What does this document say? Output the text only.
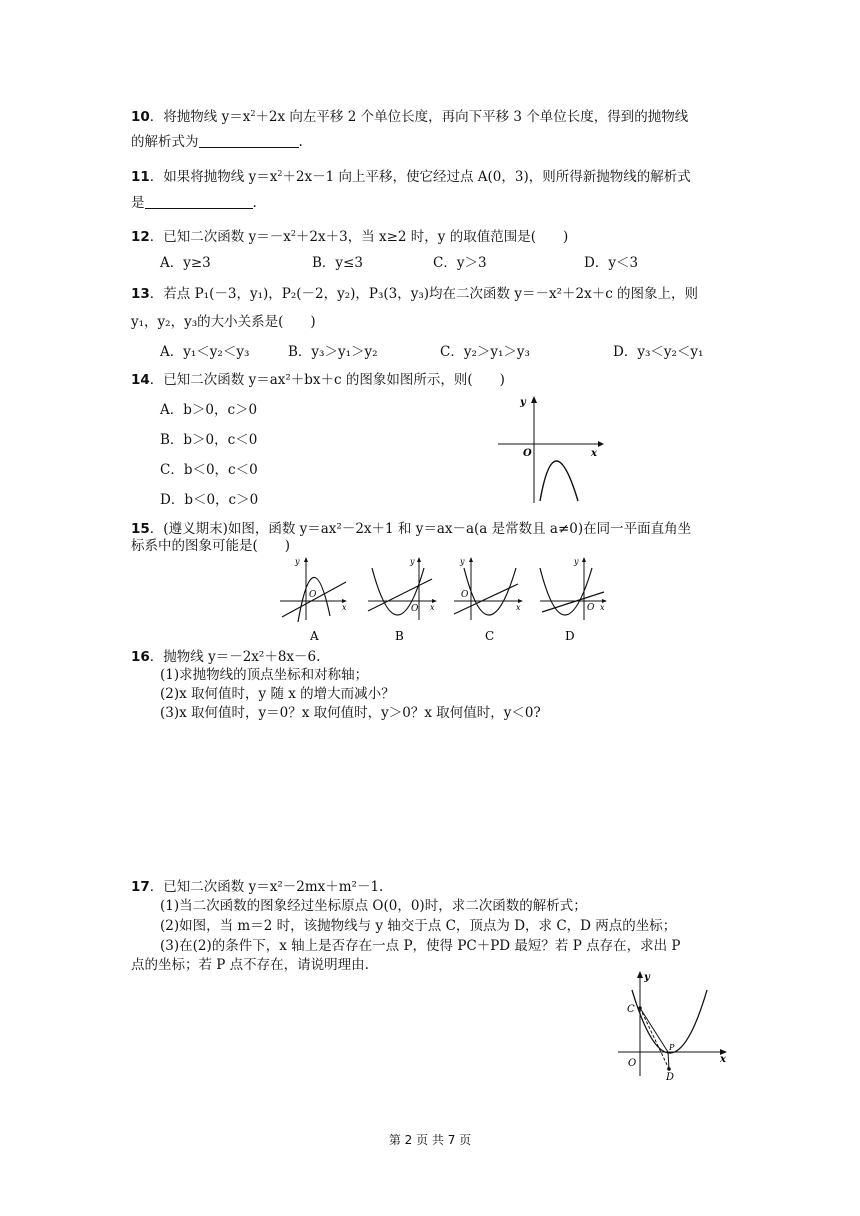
10．将抛物线 $y=x^2+2x$ 向左平移 2 个单位长度，再向下平移 3 个单位长度，得到的抛物线
的解析式为	.
11．如果将抛物线 $y=x^2+2x-1$ 向上平移，使它经过点 A(0，3)，则所得新抛物线的解析式
是	.
12．已知二次函数 $y=-x^2+2x+3$，当 x≥2 时，y 的取值范围是(　　)
A．y≥3	B．y≤3	C．y＞3	D．y＜3
13．若点 P₁(－3，y₁)，P₂(－2，y₂)，P₃(3，y₃)均在二次函数 y＝－x²＋2x＋c 的图象上，则
y₁，y₂，y₃的大小关系是(　　)
A．y₁＜y₂＜y₃	B．y₃＞y₁＞y₂	C．y₂＞y₁＞y₃	D．y₃＜y₂＜y₁
14．已知二次函数 y＝ax²＋bx＋c 的图象如图所示，则(　　)
A．b＞0，c＞0
B．b＞0，c＜0
C．b＜0，c＜0
D．b＜0，c＞0
y
O	x
15．(遵义期末)如图，函数 y＝ax²－2x＋1 和 y＝ax－a(a 是常数且 a≠0)在同一平面直角坐
标系中的图象可能是(　　)
y
O
x
A
y
O x
B
y
O
x
C
y
O x
D
16．抛物线 y＝－2x²＋8x－6.
(1)求抛物线的顶点坐标和对称轴；
(2)x 取何值时，y 随 x 的增大而减小？
(3)x 取何值时，y＝0？x 取何值时，y＞0？x 取何值时，y＜0?
17．已知二次函数 y＝x²－2mx＋m²－1.
(1)当二次函数的图象经过坐标原点 O(0，0)时，求二次函数的解析式；
(2)如图，当 m＝2 时，该抛物线与 y 轴交于点 C，顶点为 D，求 C，D 两点的坐标；
(3)在(2)的条件下，x 轴上是否存在一点 P，使得 PC＋PD 最短？若 P 点存在，求出 P
点的坐标；若 P 点不存在，请说明理由.
y
C
O
D
P
x
第 2 页 共 7 页
